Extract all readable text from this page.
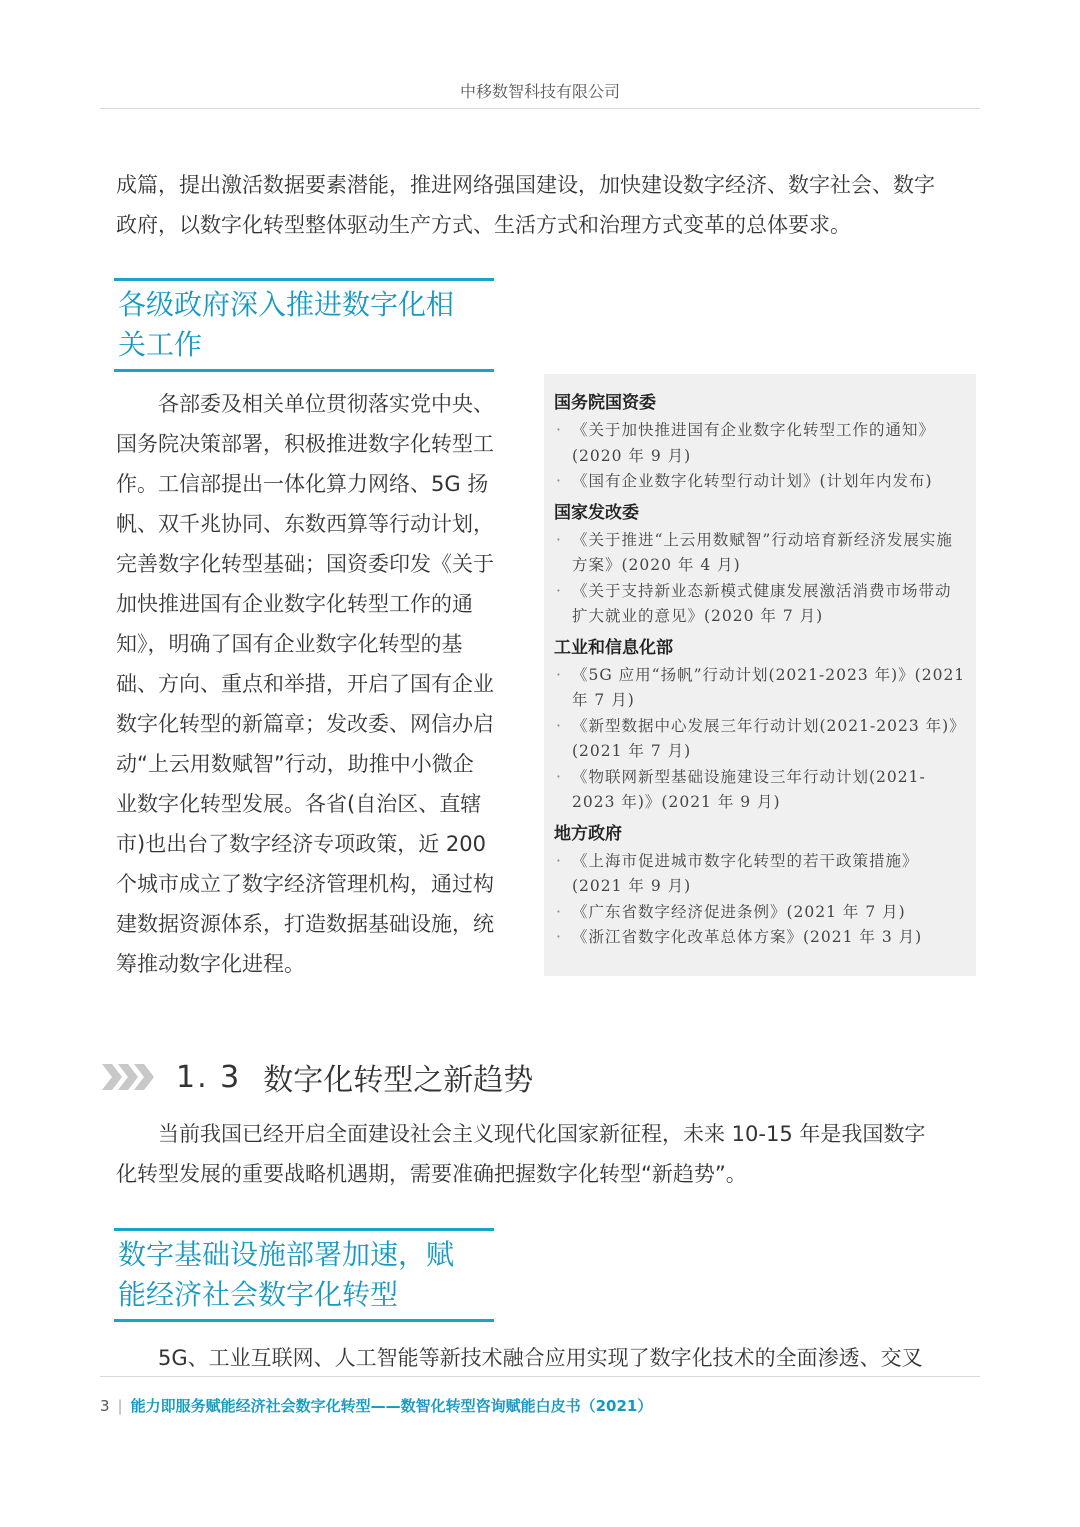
中移数智科技有限公司

成篇，提出激活数据要素潜能，推进网络强国建设，加快建设数字经济、数字社会、数字

政府，以数字化转型整体驱动生产方式、生活方式和治理方式变革的总体要求。

各级政府深入推进数字化相
关工作

　　各部委及相关单位贯彻落实党中央、

国务院决策部署，积极推进数字化转型工

作。工信部提出一体化算力网络、5G 扬

帆、双千兆协同、东数西算等行动计划，

完善数字化转型基础；国资委印发《关于

加快推进国有企业数字化转型工作的通

知》，明确了国有企业数字化转型的基

础、方向、重点和举措，开启了国有企业

数字化转型的新篇章；发改委、网信办启

动“上云用数赋智”行动，助推中小微企

业数字化转型发展。各省(自治区、直辖

市)也出台了数字经济专项政策，近 200

个城市成立了数字经济管理机构，通过构

建数据资源体系，打造数据基础设施，统

筹推动数字化进程。

国务院国资委
· 《关于加快推进国有企业数字化转型工作的通知》(2020 年 9 月)
· 《国有企业数字化转型行动计划》(计划年内发布)
国家发改委
· 《关于推进“上云用数赋智”行动培育新经济发展实施方案》(2020 年 4 月)
· 《关于支持新业态新模式健康发展激活消费市场带动扩大就业的意见》(2020 年 7 月)
工业和信息化部
· 《5G 应用“扬帆”行动计划(2021-2023 年)》(2021 年 7 月)
· 《新型数据中心发展三年行动计划(2021-2023 年)》(2021 年 7 月)
· 《物联网新型基础设施建设三年行动计划(2021-2023 年)》(2021 年 9 月)
地方政府
· 《上海市促进城市数字化转型的若干政策措施》(2021 年 9 月)
· 《广东省数字经济促进条例》(2021 年 7 月)
· 《浙江省数字化改革总体方案》(2021 年 3 月)
1. 3 数字化转型之新趋势

　　当前我国已经开启全面建设社会主义现代化国家新征程，未来 10-15 年是我国数字

化转型发展的重要战略机遇期，需要准确把握数字化转型“新趋势”。

数字基础设施部署加速，赋
能经济社会数字化转型

　　5G、工业互联网、人工智能等新技术融合应用实现了数字化技术的全面渗透、交叉

3 | 能力即服务赋能经济社会数字化转型——数智化转型咨询赋能白皮书（2021）
